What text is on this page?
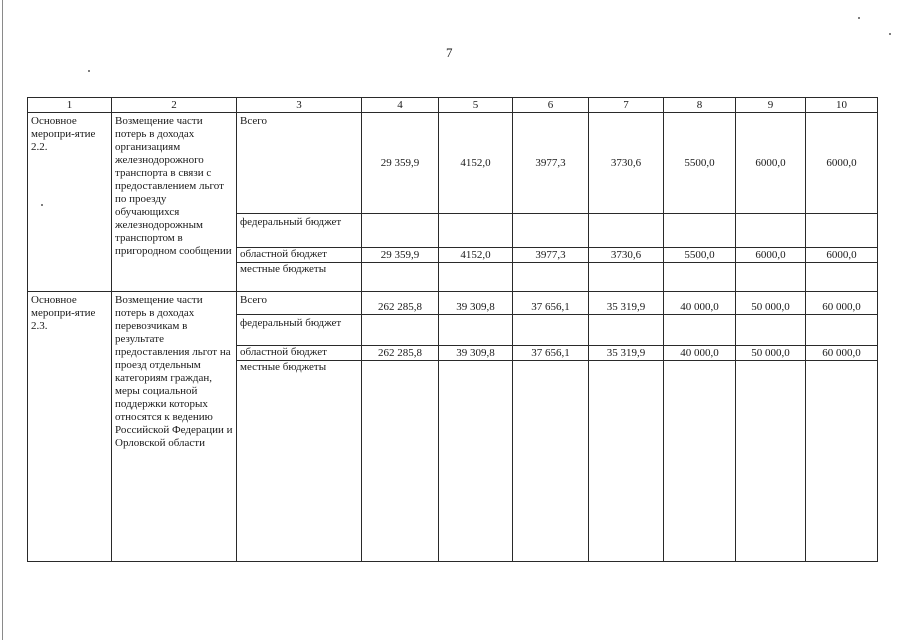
7
1	2	3	4	5	6	7	8	9	10

Основное меропри-ятие 2.2.	Возмещение части потерь в доходах организациям железнодорожного транспорта в связи с предоставлением льгот по проезду обучающихся железнодорожным транспортом в пригородном сообщении	Всего	29 359,9	4152,0	3977,3	3730,6	5500,0	6000,0	6000,0

		федеральный бюджет							

		областной бюджет	29 359,9	4152,0	3977,3	3730,6	5500,0	6000,0	6000,0
		местные бюджеты							

Основное меропри-ятие 2.3.	Возмещение части потерь в доходах перевозчикам в результате предоставления льгот на проезд отдельным категориям граждан, меры социальной поддержки которых относятся к ведению Российской Федерации и Орловской области	Всего	262 285,8	39 309,8	37 656,1	35 319,9	40 000,0	50 000,0	60 000,0

		федеральный бюджет							

		областной бюджет	262 285,8	39 309,8	37 656,1	35 319,9	40 000,0	50 000,0	60 000,0
		местные бюджеты							
